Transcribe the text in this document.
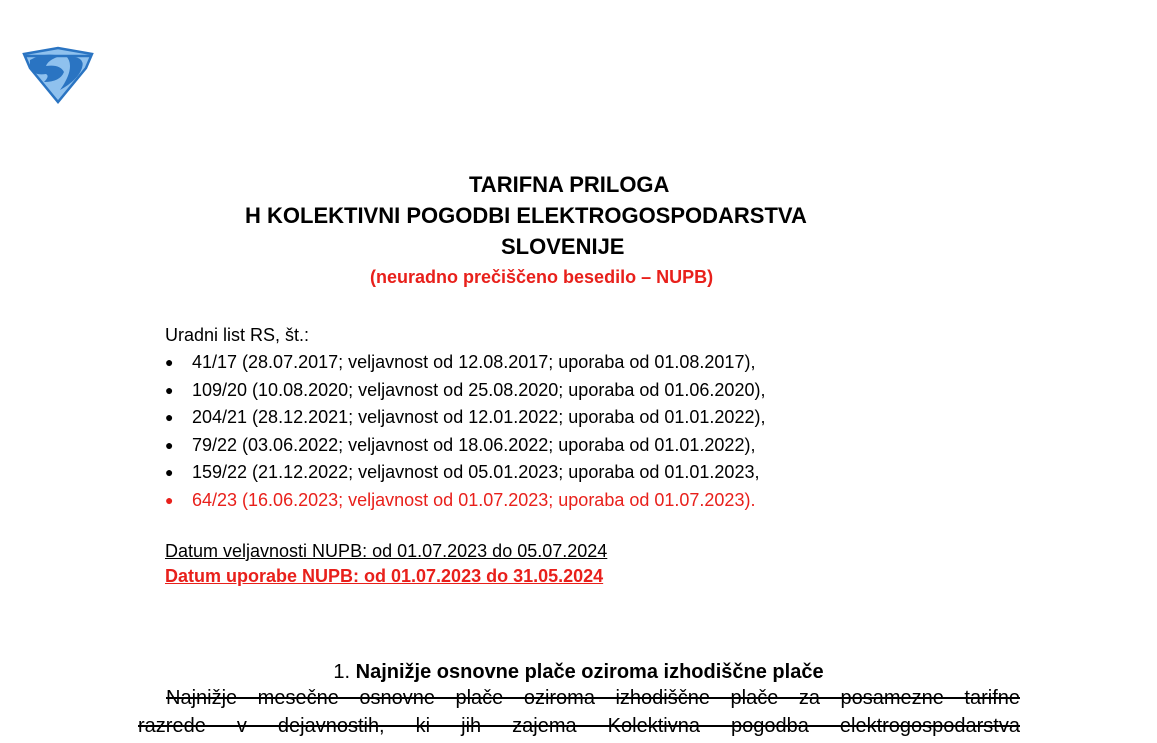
TARIFNA PRILOGA

H KOLEKTIVNI POGODBI ELEKTROGOSPODARSTVA

SLOVENIJE

(neuradno prečiščeno besedilo – NUPB)
Uradni list RS, št.:
● 41/17 (28.07.2017; veljavnost od 12.08.2017; uporaba od 01.08.2017),
● 109/20 (10.08.2020; veljavnost od 25.08.2020; uporaba od 01.06.2020),
● 204/21 (28.12.2021; veljavnost od 12.01.2022; uporaba od 01.01.2022),
● 79/22 (03.06.2022; veljavnost od 18.06.2022; uporaba od 01.01.2022),
● 159/22 (21.12.2022; veljavnost od 05.01.2023; uporaba od 01.01.2023,
● 64/23 (16.06.2023; veljavnost od 01.07.2023; uporaba od 01.07.2023).
Datum veljavnosti NUPB: od 01.07.2023 do 05.07.2024
Datum uporabe NUPB: od 01.07.2023 do 31.05.2024
1. Najnižje osnovne plače oziroma izhodiščne plače
Najnižje mesečne osnovne plače oziroma izhodiščne plače za posamezne tarifne
razrede v dejavnostih, ki jih zajema Kolektivna pogodba elektrogospodarstva
